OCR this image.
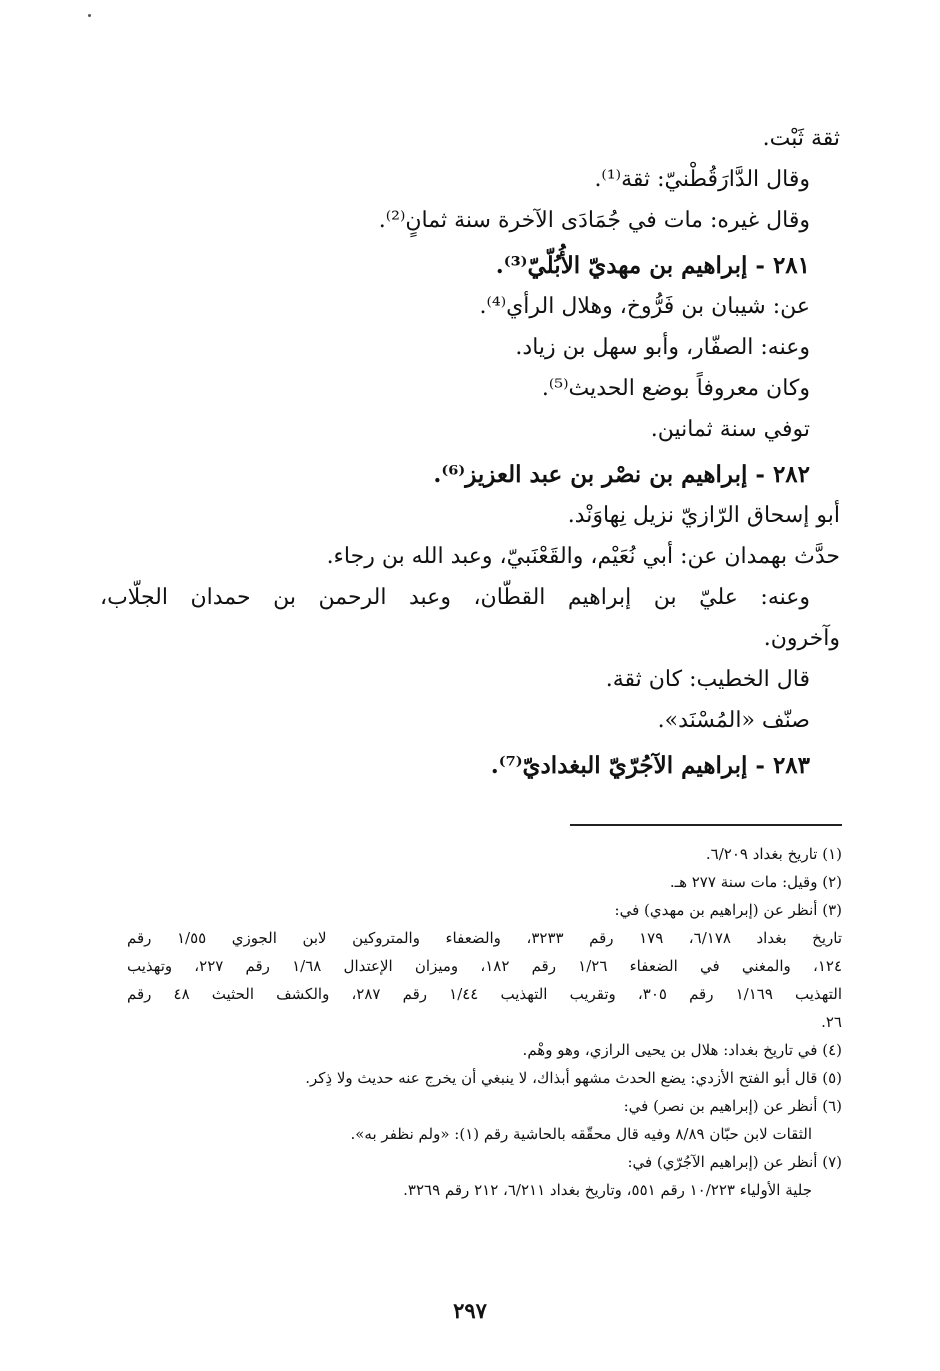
ثقة ثَبْت.
وقال الدَّارَقُطْنيّ: ثقة⁽¹⁾.
وقال غيره: مات في جُمَادَى الآخرة سنة ثمانٍ⁽²⁾.
٢٨١ - إبراهيم بن مهديّ الأُبُلّيّ⁽³⁾.
عن: شيبان بن فَرُّوخ، وهلال الرأي⁽⁴⁾.
وعنه: الصفّار، وأبو سهل بن زياد.
وكان معروفاً بوضع الحديث⁽⁵⁾.
توفي سنة ثمانين.
٢٨٢ - إبراهيم بن نصْر بن عبد العزيز⁽⁶⁾.
أبو إسحاق الرّازيّ نزيل نِهاوَنْد.
حدَّث بهمدان عن: أبي نُعَيْم، والقَعْنَبيّ، وعبد الله بن رجاء.
وعنه: عليّ بن إبراهيم القطّان، وعبد الرحمن بن حمدان الجلّاب،
وآخرون.
قال الخطيب: كان ثقة.
صنّف «المُسْنَد».
٢٨٣ - إبراهيم الآجُرّيّ البغداديّ⁽⁷⁾.
(١) تاريخ بغداد ٦/٢٠٩.
(٢) وقيل: مات سنة ٢٧٧ هـ.
(٣) أنظر عن (إبراهيم بن مهدي) في:
تاريخ بغداد ٦/١٧٨، ١٧٩ رقم ٣٢٣٣، والضعفاء والمتروكين لابن الجوزي ١/٥٥ رقم
١٢٤، والمغني في الضعفاء ١/٢٦ رقم ١٨٢، وميزان الإعتدال ١/٦٨ رقم ٢٢٧، وتهذيب
التهذيب ١/١٦٩ رقم ٣٠٥، وتقريب التهذيب ١/٤٤ رقم ٢٨٧، والكشف الحثيث ٤٨ رقم
٢٦.
(٤) في تاريخ بغداد: هلال بن يحيى الرازي، وهو وهْم.
(٥) قال أبو الفتح الأزدي: يضع الحدث مشهو أبذاك، لا ينبغي أن يخرج عنه حديث ولا ذِكر.
(٦) أنظر عن (إبراهيم بن نصر) في:
الثقات لابن حبّان ٨/٨٩ وفيه قال محقّقه بالحاشية رقم (١): «ولم نظفر به».
(٧) أنظر عن (إبراهيم الآجُرّي) في:
جلية الأولياء ١٠/٢٢٣ رقم ٥٥١، وتاريخ بغداد ٦/٢١١، ٢١٢ رقم ٣٢٦٩.
٢٩٧
